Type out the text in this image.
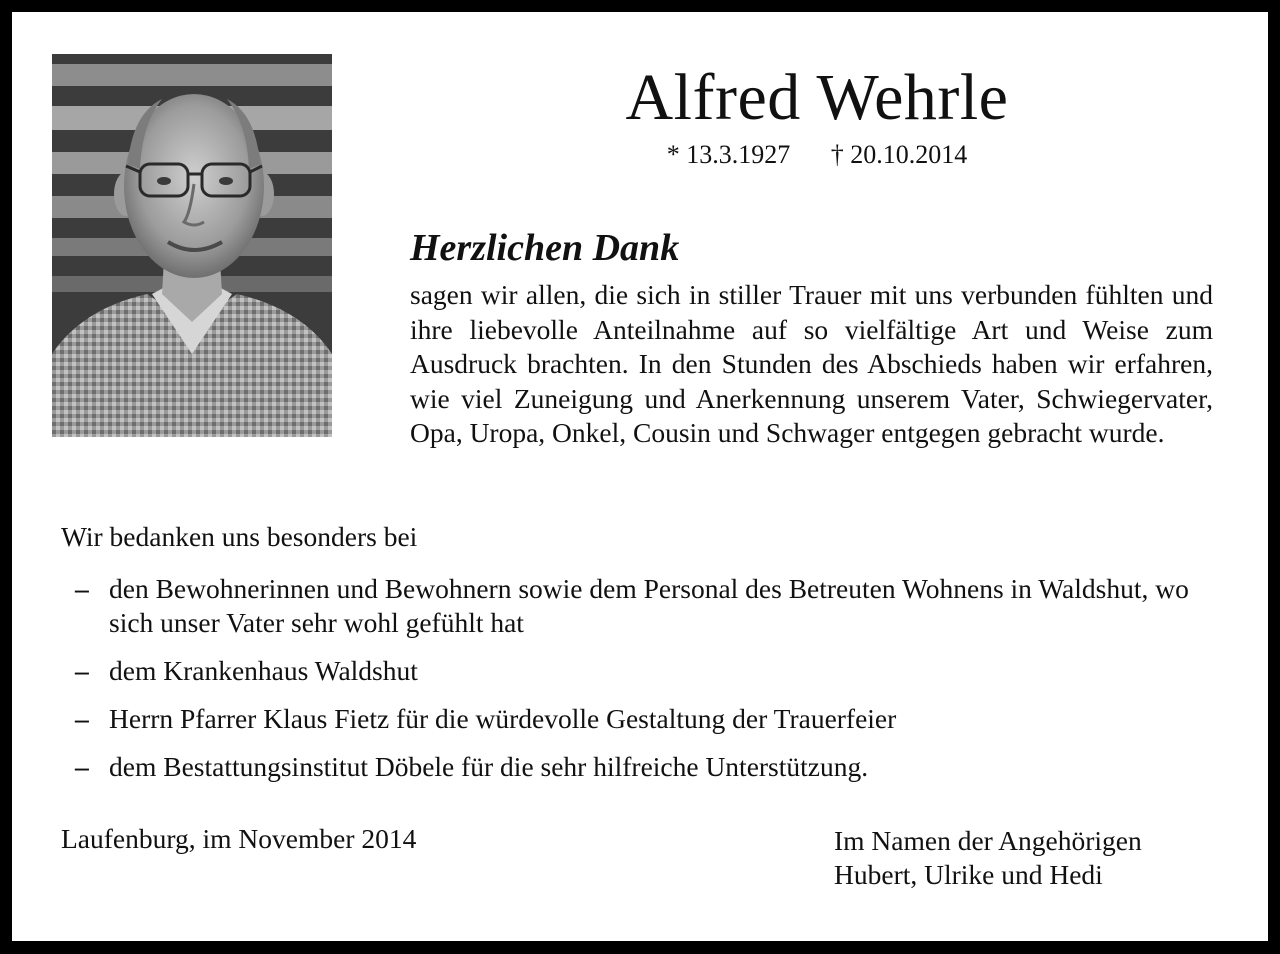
Alfred Wehrle
* 13.3.1927 † 20.10.2014
Herzlichen Dank
sagen wir allen, die sich in stiller Trauer mit uns verbunden fühlten und ihre liebevolle Anteilnahme auf so vielfältige Art und Weise zum Ausdruck brachten. In den Stunden des Abschieds haben wir erfahren, wie viel Zuneigung und Anerkennung unserem Vater, Schwiegervater, Opa, Uropa, Onkel, Cousin und Schwager entgegen gebracht wurde.
Wir bedanken uns besonders bei
– den Bewohnerinnen und Bewohnern sowie dem Personal des Betreuten Wohnens in Waldshut, wo sich unser Vater sehr wohl gefühlt hat
– dem Krankenhaus Waldshut
– Herrn Pfarrer Klaus Fietz für die würdevolle Gestaltung der Trauerfeier
– dem Bestattungsinstitut Döbele für die sehr hilfreiche Unterstützung.
Laufenburg, im November 2014	Im Namen der Angehörigen
Hubert, Ulrike und Hedi
